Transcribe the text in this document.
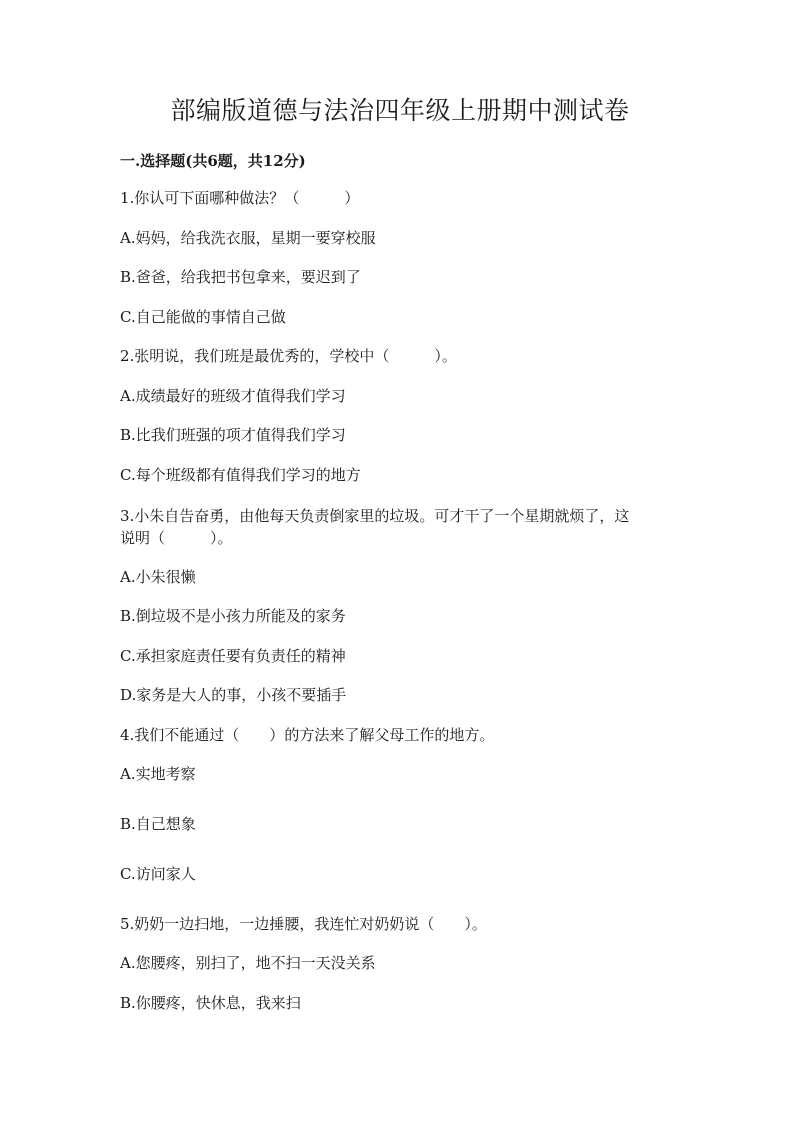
部编版道德与法治四年级上册期中测试卷
一.选择题(共6题，共12分)
1.你认可下面哪种做法？（　　　）
A.妈妈，给我洗衣服，星期一要穿校服
B.爸爸，给我把书包拿来，要迟到了
C.自己能做的事情自己做
2.张明说，我们班是最优秀的，学校中（　　　）。
A.成绩最好的班级才值得我们学习
B.比我们班强的项才值得我们学习
C.每个班级都有值得我们学习的地方
3.小朱自告奋勇，由他每天负责倒家里的垃圾。可才干了一个星期就烦了，这
说明（　　　）。
A.小朱很懒
B.倒垃圾不是小孩力所能及的家务
C.承担家庭责任要有负责任的精神
D.家务是大人的事，小孩不要插手
4.我们不能通过（　　）的方法来了解父母工作的地方。
A.实地考察
B.自己想象
C.访问家人
5.奶奶一边扫地，一边捶腰，我连忙对奶奶说（　　）。
A.您腰疼，别扫了，地不扫一天没关系
B.你腰疼，快休息，我来扫
